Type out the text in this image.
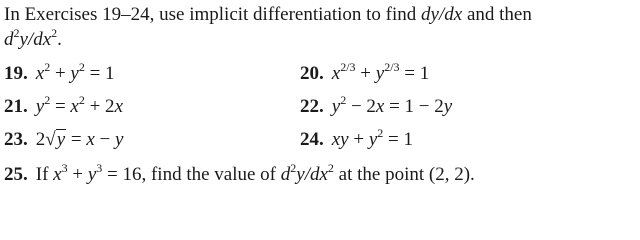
In Exercises 19–24, use implicit differentiation to find dy/dx and then
$d^2y/dx^2$.
19. $x^2 + y^2 = 1$	20. $x^{2/3} + y^{2/3} = 1$
21. $y^2 = x^2 + 2x$	22. $y^2 - 2x = 1 - 2y$
23. 2√y = x − y	24. xy + $y^2 = 1$
25. If $x^3 + y^3 = 16$, find the value of $d^2y/dx^2$ at the point (2, 2).
